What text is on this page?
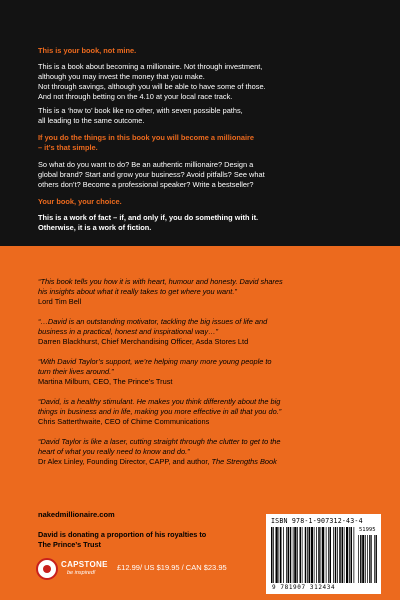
This is your book, not mine.
This is a book about becoming a millionaire. Not through investment,
although you may invest the money that you make.
Not through savings, although you will be able to have some of those.
And not through betting on the 4.10 at your local race track.
This is a ‘how to’ book like no other, with seven possible paths,
all leading to the same outcome.
If you do the things in this book you will become a millionaire
– it’s that simple.
So what do you want to do? Be an authentic millionaire? Design a
global brand? Start and grow your business? Avoid pitfalls? See what
others don’t? Become a professional speaker? Write a bestseller?
Your book, your choice.
This is a work of fact – if, and only if, you do something with it.
Otherwise, it is a work of fiction.
“This book tells you how it is with heart, humour and honesty. David shares
his insights about what it really takes to get where you want.”
Lord Tim Bell
“…David is an outstanding motivator, tackling the big issues of life and
business in a practical, honest and inspirational way…”
Darren Blackhurst, Chief Merchandising Officer, Asda Stores Ltd
“With David Taylor’s support, we’re helping many more young people to
turn their lives around.”
Martina Milburn, CEO, The Prince’s Trust
“David, is a healthy stimulant. He makes you think differently about the big
things in business and in life, making you more effective in all that you do.”
Chris Satterthwaite, CEO of Chime Communications
“David Taylor is like a laser, cutting straight through the clutter to get to the
heart of what you really need to know and do.”
Dr Alex Linley, Founding Director, CAPP, and author, The Strengths Book
nakedmillionaire.com
David is donating a proportion of his royalties to
The Prince’s Trust
CAPSTONE
be inspired!
£12.99/ US $19.95 / CAN $23.95
ISBN 978-1-907312-43-4
51995
9 781907 312434
